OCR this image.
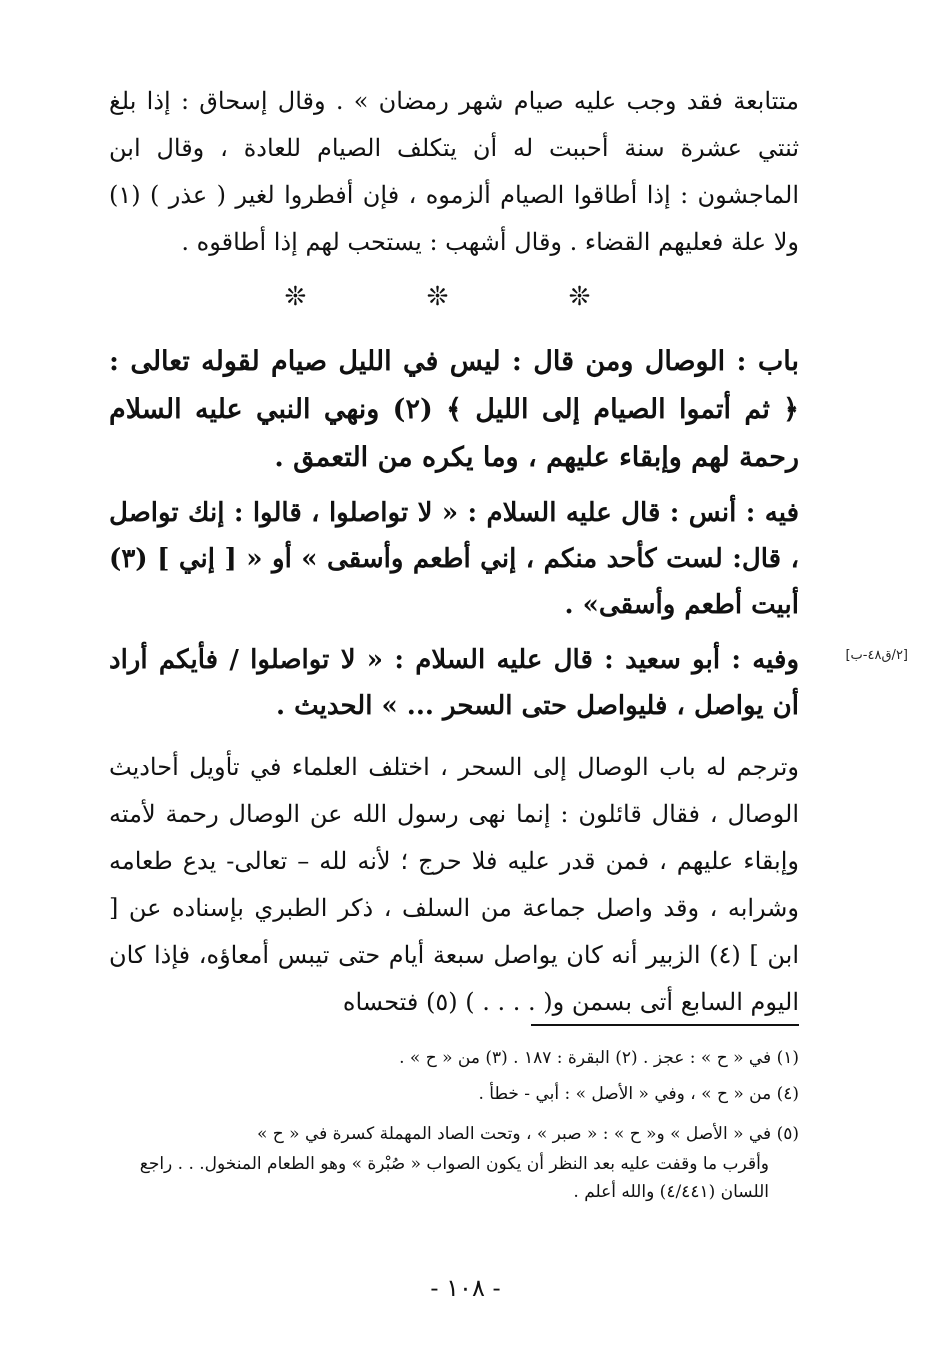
متتابعة فقد وجب عليه صيام شهر رمضان » . وقال إسحاق : إذا بلغ ثنتي عشرة سنة أحببت له أن يتكلف الصيام للعادة ، وقال ابن الماجشون : إذا أطاقوا الصيام ألزموه ، فإن أفطروا لغير ( عذر ) (١) ولا علة فعليهم القضاء . وقال أشهب : يستحب لهم إذا أطاقوه .
❊ ❊ ❊
باب : الوصال ومن قال : ليس في الليل صيام لقوله تعالى : ﴿ ثم أتموا الصيام إلى الليل ﴾ (٢) ونهي النبي عليه السلام رحمة لهم وإبقاء عليهم ، وما يكره من التعمق .
فيه : أنس : قال عليه السلام : « لا تواصلوا ، قالوا : إنك تواصل ، قال: لست كأحد منكم ، إني أطعم وأسقى » أو « [ إني ] (٣) أبيت أطعم وأسقى» .
[٢/ق٤٨-ب]
وفيه : أبو سعيد : قال عليه السلام : « لا تواصلوا / فأيكم أراد أن يواصل ، فليواصل حتى السحر ... » الحديث .
وترجم له باب الوصال إلى السحر ، اختلف العلماء في تأويل أحاديث الوصال ، فقال قائلون : إنما نهى رسول الله عن الوصال رحمة لأمته وإبقاء عليهم ، فمن قدر عليه فلا حرج ؛ لأنه لله – تعالى- يدع طعامه وشرابه ، وقد واصل جماعة من السلف ، ذكر الطبري بإسناده عن [ ابن ] (٤) الزبير أنه كان يواصل سبعة أيام حتى تيبس أمعاؤه، فإذا كان اليوم السابع أتى بسمن و( . . . . ) (٥) فتحساه
(١) في « ح » : عجز . (٢) البقرة : ١٨٧ . (٣) من « ح » .
(٤) من « ح » ، وفي « الأصل » : أبي - خطأ .
(٥) في « الأصل » و« ح » : « صبر » ، وتحت الصاد المهملة كسرة في « ح »
وأقرب ما وقفت عليه بعد النظر أن يكون الصواب « صُبْرة » وهو الطعام المنخول. . . راجع اللسان (٤/٤٤١) والله أعلم .
- ١٠٨ -
